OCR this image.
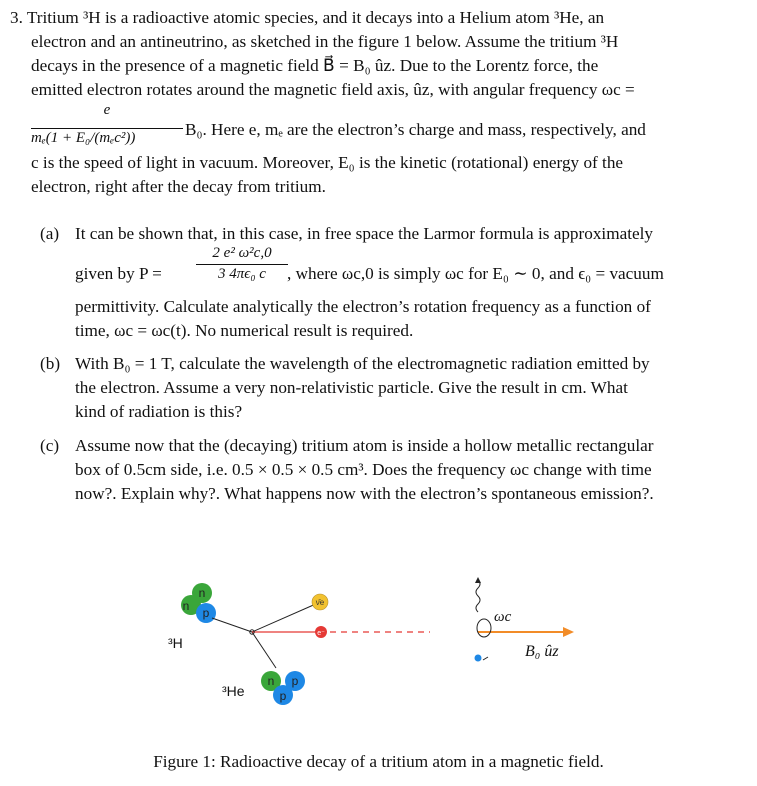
3. Tritium ³H is a radioactive atomic species, and it decays into a Helium atom ³He, an
electron and an antineutrino, as sketched in the figure 1 below. Assume the tritium ³H
decays in the presence of a magnetic field B⃗ = B₀ ûz. Due to the Lorentz force, the
emitted electron rotates around the magnetic field axis, ûz, with angular frequency ωc =
e
mₑ(1 + E₀/(mₑc²))	B₀. Here e, mₑ are the electron’s charge and mass, respectively, and
c is the speed of light in vacuum. Moreover, E₀ is the kinetic (rotational) energy of the
electron, right after the decay from tritium.
(a) It can be shown that, in this case, in free space the Larmor formula is approximately
given by P =
2 e² ω²c,0
3 4πϵ₀ c	, where ωc,0 is simply ωc for E₀ ∼ 0, and ϵ₀ = vacuum
permittivity. Calculate analytically the electron’s rotation frequency as a function of
time, ωc = ωc(t). No numerical result is required.
(b) With B₀ = 1 T, calculate the wavelength of the electromagnetic radiation emitted by
the electron. Assume a very non-relativistic particle. Give the result in cm. What
kind of radiation is this?
(c) Assume now that the (decaying) tritium atom is inside a hollow metallic rectangular
box of 0.5cm side, i.e. 0.5 × 0.5 × 0.5 cm³. Does the frequency ωc change with time
now?. Explain why?. What happens now with the electron’s spontaneous emission?.
n
n p
³H
ν̄e
e⁻
n p
p
³He
ωc
B₀ ûz
Figure 1: Radioactive decay of a tritium atom in a magnetic field.
